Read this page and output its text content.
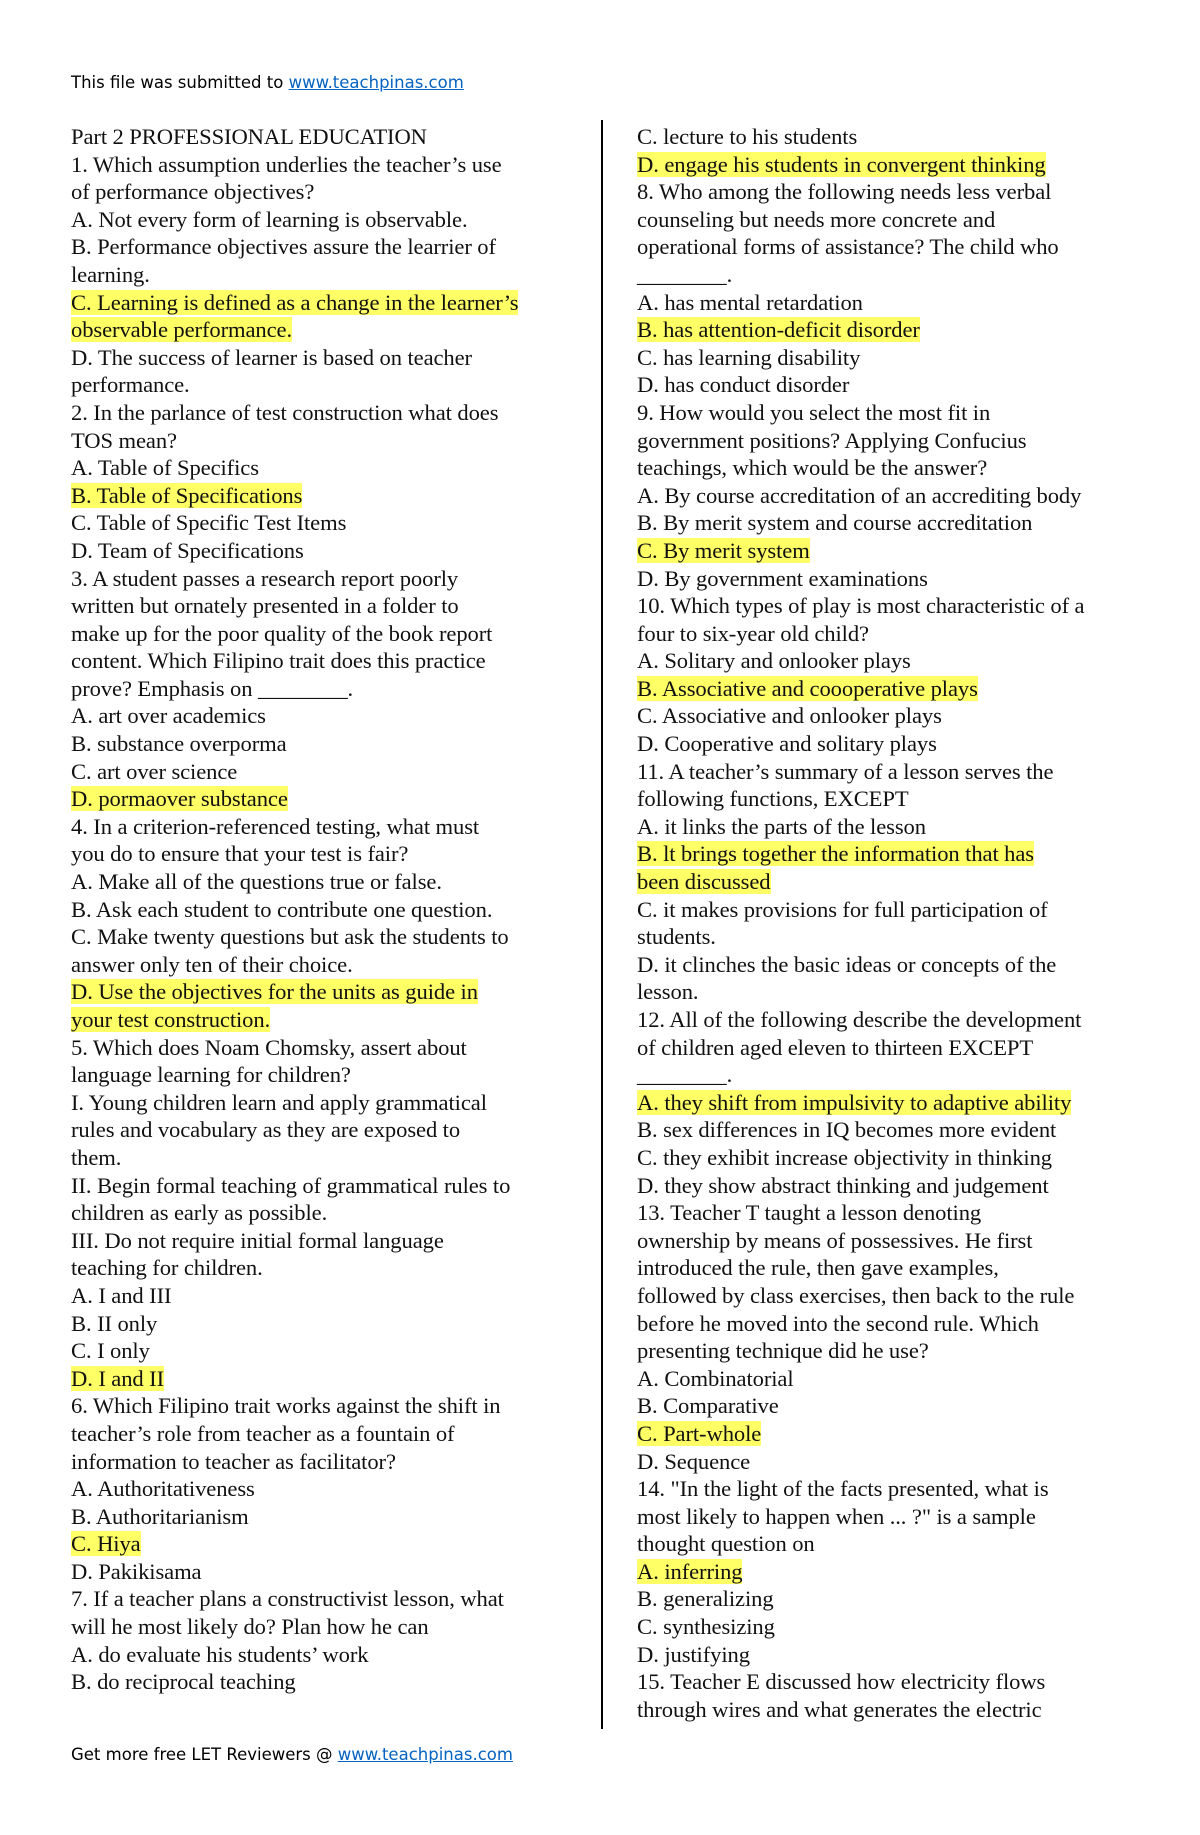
This file was submitted to www.teachpinas.com
Part 2 PROFESSIONAL EDUCATION
1. Which assumption underlies the teacher’s use
of performance objectives?
A. Not every form of learning is observable.
B. Performance objectives assure the learrier of
learning.
C. Learning is defined as a change in the learner’s
observable performance.
D. The success of learner is based on teacher
performance.
2. In the parlance of test construction what does
TOS mean?
A. Table of Specifics
B. Table of Specifications
C. Table of Specific Test Items
D. Team of Specifications
3. A student passes a research report poorly
written but ornately presented in a folder to
make up for the poor quality of the book report
content. Which Filipino trait does this practice
prove? Emphasis on ________.
A. art over academics
B. substance overporma
C. art over science
D. pormaover substance
4. In a criterion-referenced testing, what must
you do to ensure that your test is fair?
A. Make all of the questions true or false.
B. Ask each student to contribute one question.
C. Make twenty questions but ask the students to
answer only ten of their choice.
D. Use the objectives for the units as guide in
your test construction.
5. Which does Noam Chomsky, assert about
language learning for children?
I. Young children learn and apply grammatical
rules and vocabulary as they are exposed to
them.
II. Begin formal teaching of grammatical rules to
children as early as possible.
III. Do not require initial formal language
teaching for children.
A. I and III
B. II only
C. I only
D. I and II
6. Which Filipino trait works against the shift in
teacher’s role from teacher as a fountain of
information to teacher as facilitator?
A. Authoritativeness
B. Authoritarianism
C. Hiya
D. Pakikisama
7. If a teacher plans a constructivist lesson, what
will he most likely do? Plan how he can
A. do evaluate his students’ work
B. do reciprocal teaching
C. lecture to his students
D. engage his students in convergent thinking
8. Who among the following needs less verbal
counseling but needs more concrete and
operational forms of assistance? The child who
________.
A. has mental retardation
B. has attention-deficit disorder
C. has learning disability
D. has conduct disorder
9. How would you select the most fit in
government positions? Applying Confucius
teachings, which would be the answer?
A. By course accreditation of an accrediting body
B. By merit system and course accreditation
C. By merit system
D. By government examinations
10. Which types of play is most characteristic of a
four to six-year old child?
A. Solitary and onlooker plays
B. Associative and coooperative plays
C. Associative and onlooker plays
D. Cooperative and solitary plays
11. A teacher’s summary of a lesson serves the
following functions, EXCEPT
A. it links the parts of the lesson
B. lt brings together the information that has
been discussed
C. it makes provisions for full participation of
students.
D. it clinches the basic ideas or concepts of the
lesson.
12. All of the following describe the development
of children aged eleven to thirteen EXCEPT
________.
A. they shift from impulsivity to adaptive ability
B. sex differences in IQ becomes more evident
C. they exhibit increase objectivity in thinking
D. they show abstract thinking and judgement
13. Teacher T taught a lesson denoting
ownership by means of possessives. He first
introduced the rule, then gave examples,
followed by class exercises, then back to the rule
before he moved into the second rule. Which
presenting technique did he use?
A. Combinatorial
B. Comparative
C. Part-whole
D. Sequence
14. "In the light of the facts presented, what is
most likely to happen when ... ?" is a sample
thought question on
A. inferring
B. generalizing
C. synthesizing
D. justifying
15. Teacher E discussed how electricity flows
through wires and what generates the electric
Get more free LET Reviewers @ www.teachpinas.com
